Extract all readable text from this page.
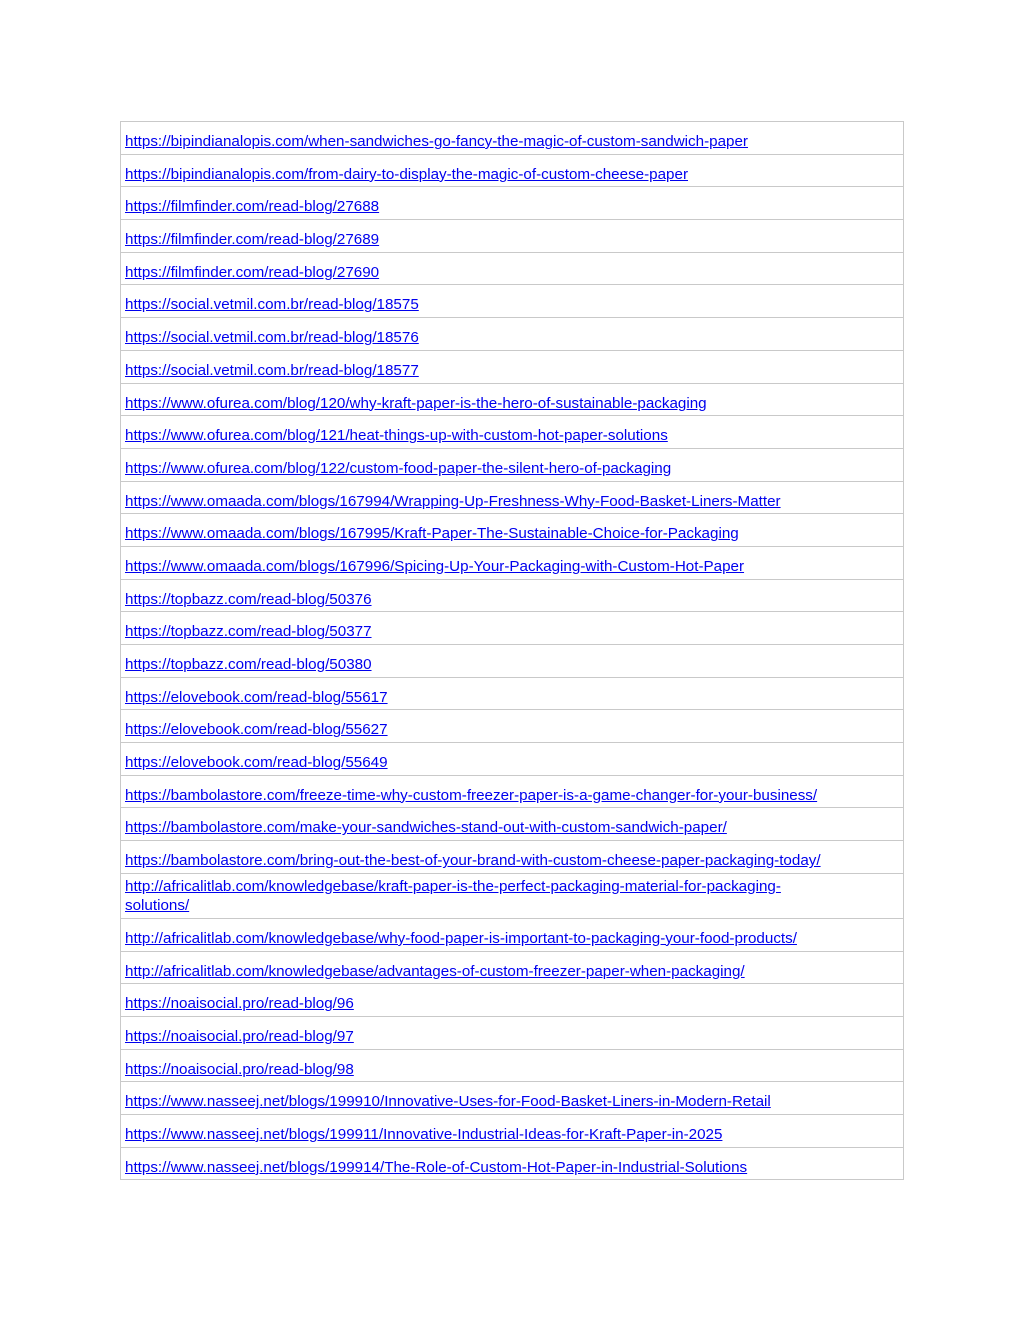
https://bipindianalopis.com/when-sandwiches-go-fancy-the-magic-of-custom-sandwich-paper
https://bipindianalopis.com/from-dairy-to-display-the-magic-of-custom-cheese-paper
https://filmfinder.com/read-blog/27688
https://filmfinder.com/read-blog/27689
https://filmfinder.com/read-blog/27690
https://social.vetmil.com.br/read-blog/18575
https://social.vetmil.com.br/read-blog/18576
https://social.vetmil.com.br/read-blog/18577
https://www.ofurea.com/blog/120/why-kraft-paper-is-the-hero-of-sustainable-packaging
https://www.ofurea.com/blog/121/heat-things-up-with-custom-hot-paper-solutions
https://www.ofurea.com/blog/122/custom-food-paper-the-silent-hero-of-packaging
https://www.omaada.com/blogs/167994/Wrapping-Up-Freshness-Why-Food-Basket-Liners-Matter
https://www.omaada.com/blogs/167995/Kraft-Paper-The-Sustainable-Choice-for-Packaging
https://www.omaada.com/blogs/167996/Spicing-Up-Your-Packaging-with-Custom-Hot-Paper
https://topbazz.com/read-blog/50376
https://topbazz.com/read-blog/50377
https://topbazz.com/read-blog/50380
https://elovebook.com/read-blog/55617
https://elovebook.com/read-blog/55627
https://elovebook.com/read-blog/55649
https://bambolastore.com/freeze-time-why-custom-freezer-paper-is-a-game-changer-for-your-business/
https://bambolastore.com/make-your-sandwiches-stand-out-with-custom-sandwich-paper/
https://bambolastore.com/bring-out-the-best-of-your-brand-with-custom-cheese-paper-packaging-today/
http://africalitlab.com/knowledgebase/kraft-paper-is-the-perfect-packaging-material-for-packaging-
solutions/
http://africalitlab.com/knowledgebase/why-food-paper-is-important-to-packaging-your-food-products/
http://africalitlab.com/knowledgebase/advantages-of-custom-freezer-paper-when-packaging/
https://noaisocial.pro/read-blog/96
https://noaisocial.pro/read-blog/97
https://noaisocial.pro/read-blog/98
https://www.nasseej.net/blogs/199910/Innovative-Uses-for-Food-Basket-Liners-in-Modern-Retail
https://www.nasseej.net/blogs/199911/Innovative-Industrial-Ideas-for-Kraft-Paper-in-2025
https://www.nasseej.net/blogs/199914/The-Role-of-Custom-Hot-Paper-in-Industrial-Solutions
